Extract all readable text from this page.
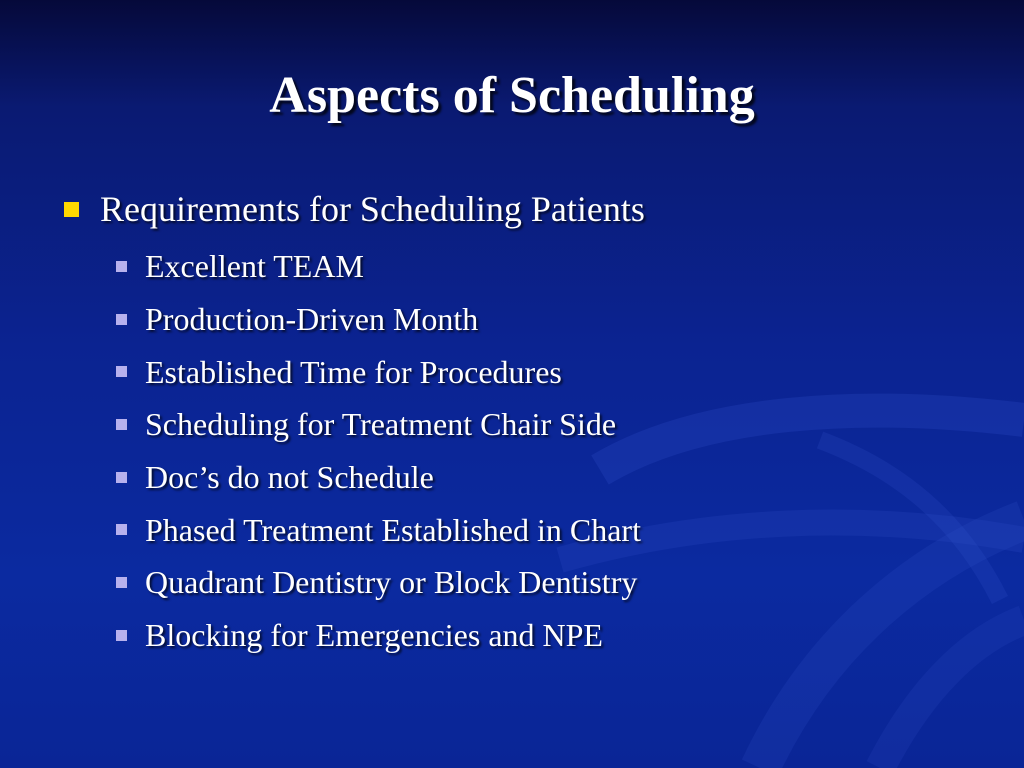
Aspects of Scheduling
Requirements for Scheduling Patients
Excellent TEAM
Production-Driven Month
Established Time for Procedures
Scheduling for Treatment Chair Side
Doc’s do not Schedule
Phased Treatment Established in Chart
Quadrant Dentistry or Block Dentistry
Blocking for Emergencies and NPE
